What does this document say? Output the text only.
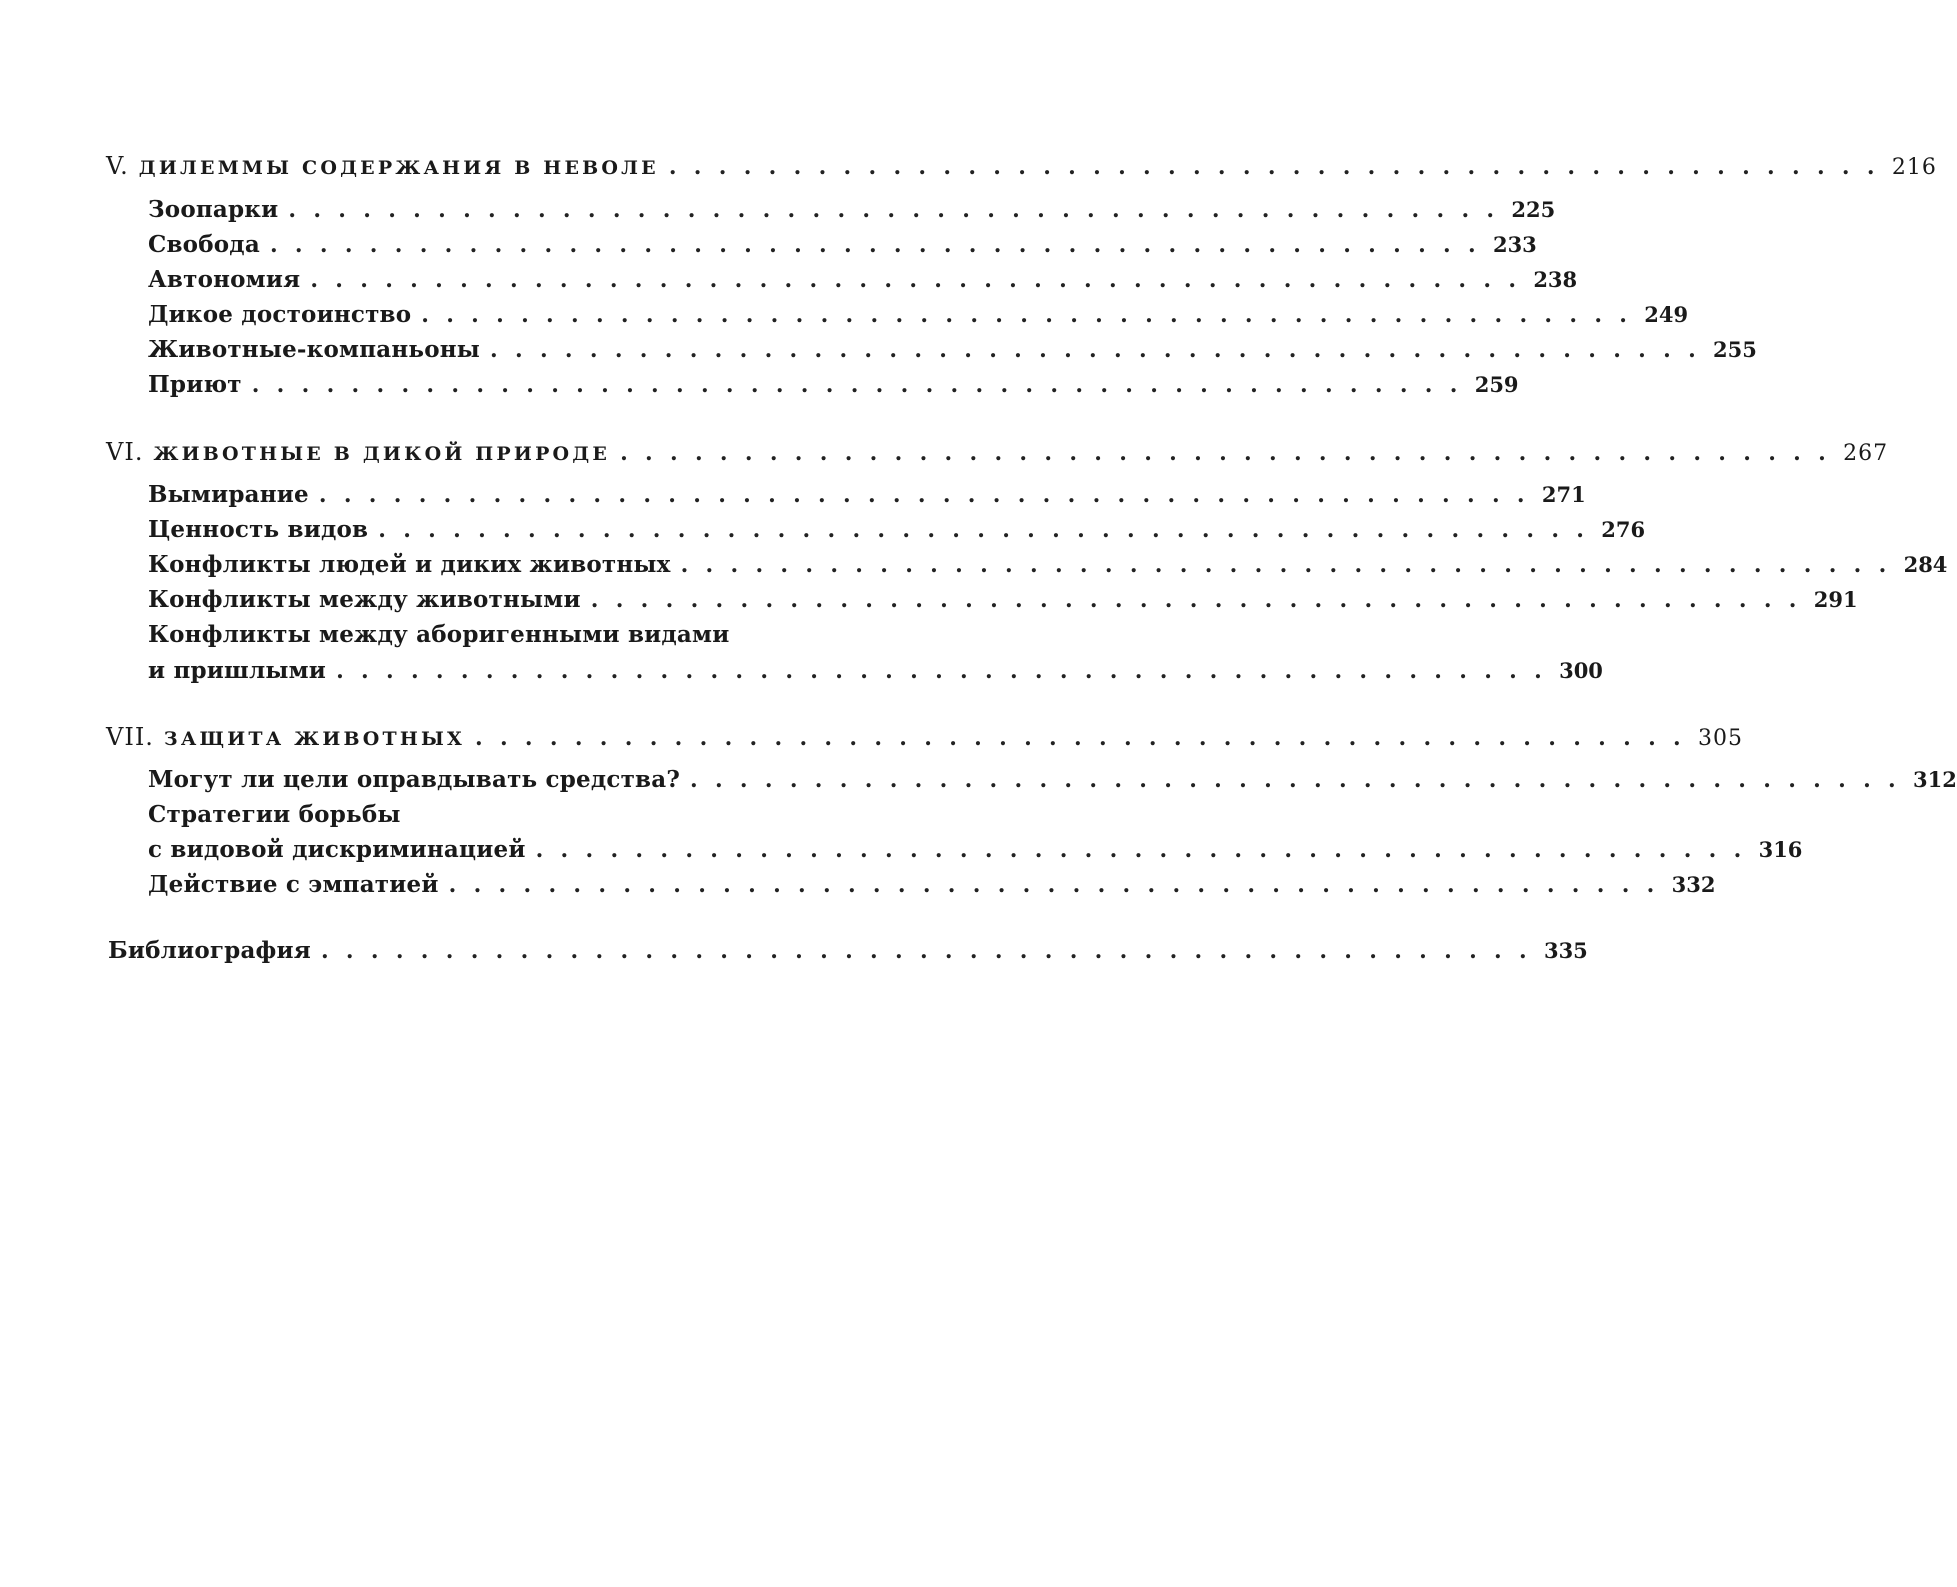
V. ДИЛЕММЫ СОДЕРЖАНИЯ В НЕВОЛЕ ................................................. 216
Зоопарки ................................................. 225
Свобода ................................................. 233
Автономия ................................................. 238
Дикое достоинство ................................................. 249
Животные-компаньоны ................................................. 255
Приют ................................................. 259
VI. ЖИВОТНЫЕ В ДИКОЙ ПРИРОДЕ ................................................. 267
Вымирание ................................................. 271
Ценность видов ................................................. 276
Конфликты людей и диких животных ................................................. 284
Конфликты между животными ................................................. 291
Конфликты между аборигенными видами
и пришлыми ................................................. 300
VII. ЗАЩИТА ЖИВОТНЫХ ................................................. 305
Могут ли цели оправдывать средства? ................................................. 312
Стратегии борьбы
с видовой дискриминацией ................................................. 316
Действие с эмпатией ................................................. 332
Библиография ................................................. 335
